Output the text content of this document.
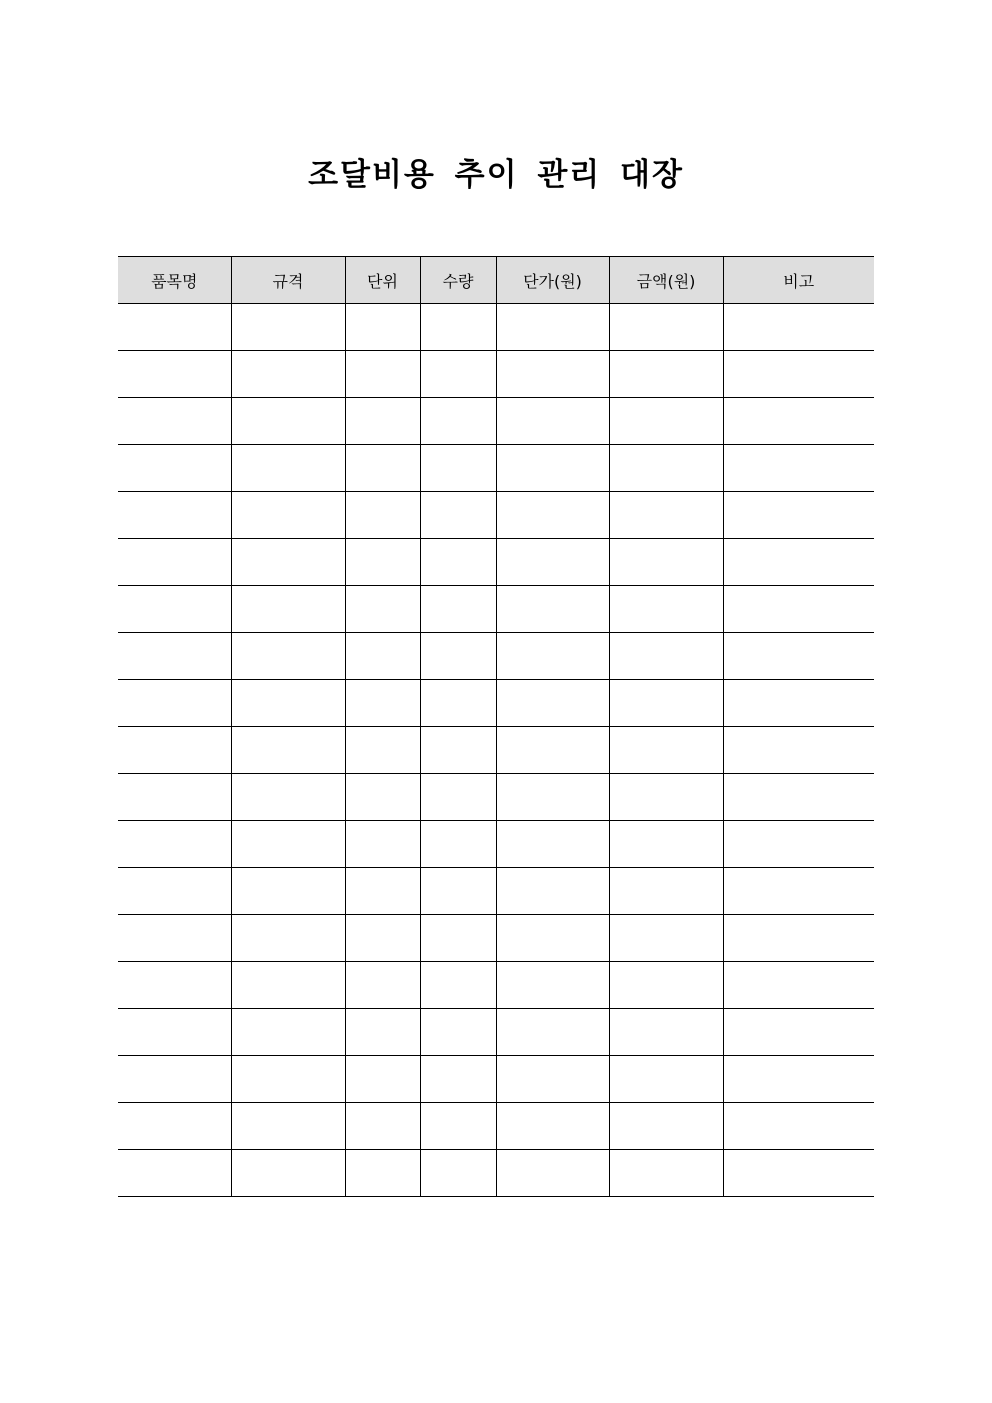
조달비용 추이 관리 대장
품목명	규격	단위	수량	단가(원)	금액(원)	비고
